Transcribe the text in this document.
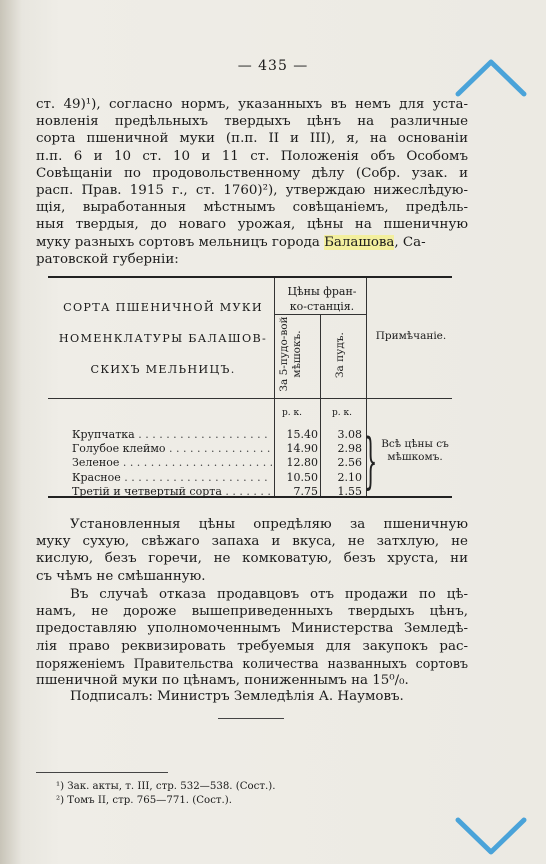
— 435 —
ст. 49)¹), согласно нормъ, указанныхъ въ немъ для уста-
новленія предѣльныхъ твердыхъ цѣнъ на различные
сорта пшеничной муки (п.п. II и III), я, на основаніи
п.п. 6 и 10 ст. 10 и 11 ст. Положенія объ Особомъ
Совѣщаніи по продовольственному дѣлу (Собр. узак. и
расп. Прав. 1915 г., ст. 1760)²), утверждаю нижеслѣдую-
щія, выработанныя мѣстнымъ совѣщаніемъ, предѣль-
ныя твердыя, до новаго урожая, цѣны на пшеничную
муку разныхъ сортовъ мельницъ города Балашова, Са-
ратовской губерніи:
СОРТА ПШЕНИЧНОЙ МУКИ
НОМЕНКЛАТУРЫ БАЛАШОВ-
СКИХЪ МЕЛЬНИЦЪ.
Цѣны фран-ко-станція.
За 5-пудо-вой мѣшокъ.	За пудъ.	Примѣчаніе.
р. к.	р. к.
Крупчатка . . .	15.40	3.08
Голубое клеймо . . .	14.90	2.98
Зеленое . . .	12.80	2.56
Красное . . .	10.50	2.10
Третій и четвертый сорта . . .	7.75	1.55 } Всѣ цѣны съ мѣшкомъ.
Установленныя цѣны опредѣляю за пшеничную
муку сухую, свѣжаго запаха и вкуса, не затхлую, не
кислую, безъ горечи, не комковатую, безъ хруста, ни
съ чѣмъ не смѣшанную.
Въ случаѣ отказа продавцовъ отъ продажи по цѣ-
намъ, не дороже вышеприведенныхъ твердыхъ цѣнъ,
предоставляю уполномоченнымъ Министерства Земледѣ-
лія право реквизировать требуемыя для закупокъ рас-
поряженіемъ Правительства количества названныхъ сортовъ
пшеничной муки по цѣнамъ, пониженнымъ на 15⁰/₀.
Подписалъ: Министръ Земледѣлія А. Наумовъ.
¹) Зак. акты, т. III, стр. 532—538. (Сост.).
²) Томъ II, стр. 765—771. (Сост.).
